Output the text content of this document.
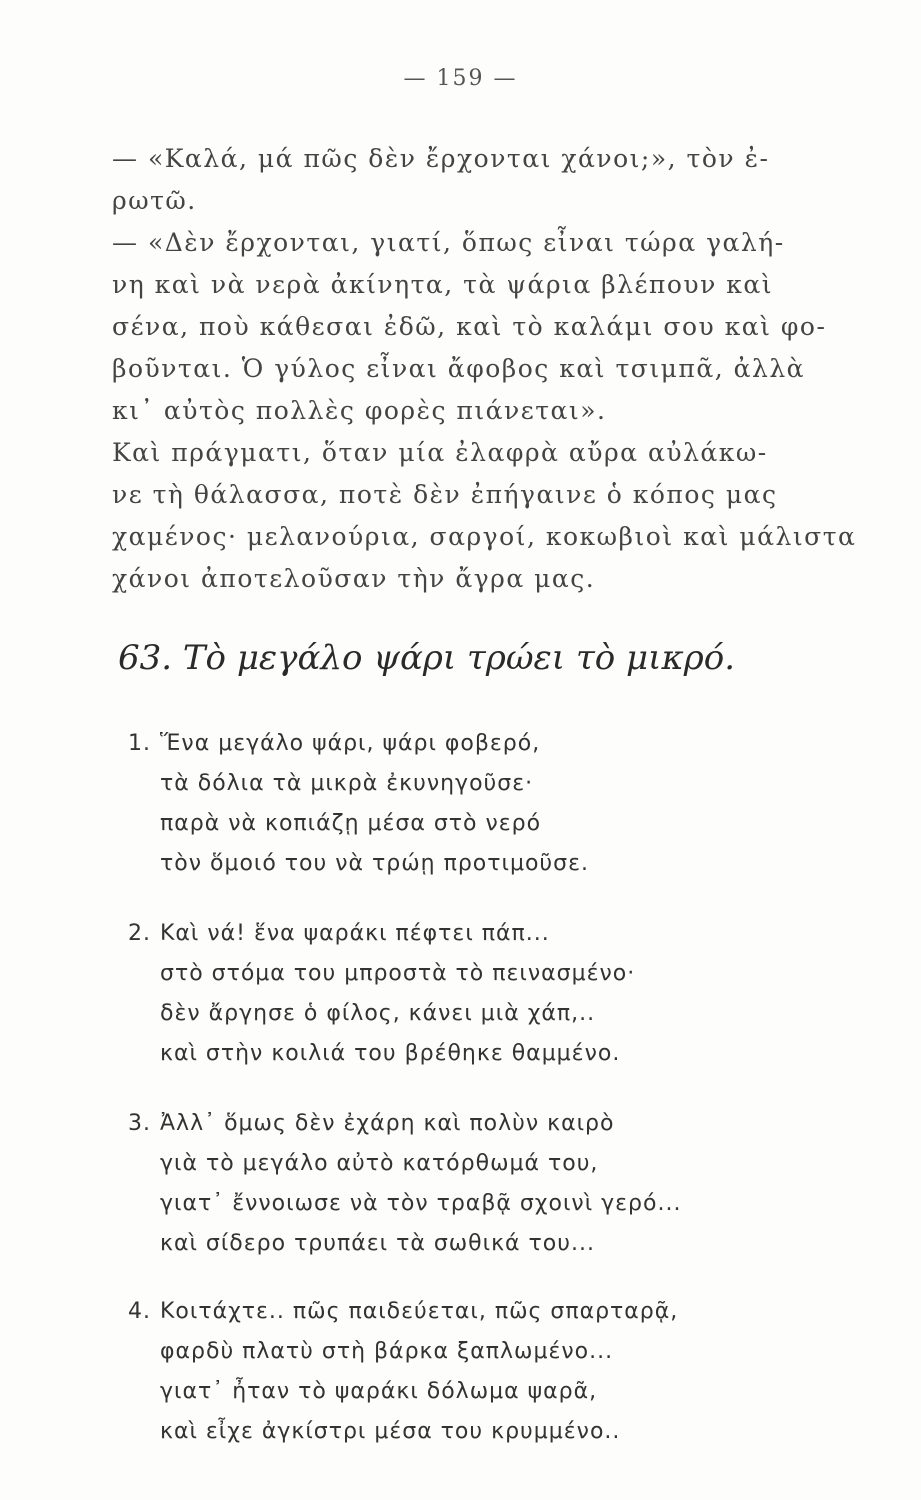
— 159 —
— «Καλά, μά πῶς δὲν ἔρχονται χάνοι;», τὸν ἐ-
ρωτῶ.
— «Δὲν ἔρχονται, γιατί, ὅπως εἶναι τώρα γαλή-
νη καὶ νὰ νερὰ ἀκίνητα, τὰ ψάρια βλέπουν καὶ
σένα, ποὺ κάθεσαι ἐδῶ, καὶ τὸ καλάμι σου καὶ φο-
βοῦνται. Ὁ γύλος εἶναι ἄφοβος καὶ τσιμπᾶ, ἀλλὰ
κι᾽ αὐτὸς πολλὲς φορὲς πιάνεται».
Καὶ πράγματι, ὅταν μία ἐλαφρὰ αὔρα αὐλάκω-
νε τὴ θάλασσα, ποτὲ δὲν ἐπήγαινε ὁ κόπος μας
χαμένος· μελανούρια, σαργοί, κοκωβιοὶ καὶ μάλιστα
χάνοι ἀποτελοῦσαν τὴν ἄγρα μας.
63. Τὸ μεγάλο ψάρι τρώει τὸ μικρό.
1. Ἕνα μεγάλο ψάρι, ψάρι φοβερό,
τὰ δόλια τὰ μικρὰ ἐκυνηγοῦσε·
παρὰ νὰ κοπιάζῃ μέσα στὸ νερό
τὸν ὅμοιό του νὰ τρώῃ προτιμοῦσε.
2. Καὶ νά! ἕνα ψαράκι πέφτει πάπ...
στὸ στόμα του μπροστὰ τὸ πεινασμένο·
δὲν ἄργησε ὁ φίλος, κάνει μιὰ χάπ,..
καὶ στὴν κοιλιά του βρέθηκε θαμμένο.
3. Ἀλλ᾽ ὅμως δὲν ἐχάρη καὶ πολὺν καιρὸ
γιὰ τὸ μεγάλο αὐτὸ κατόρθωμά του,
γιατ᾽ ἔννοιωσε νὰ τὸν τραβᾷ σχοινὶ γερό...
καὶ σίδερο τρυπάει τὰ σωθικά του...
4. Κοιτάχτε.. πῶς παιδεύεται, πῶς σπαρταρᾷ,
φαρδὺ πλατὺ στὴ βάρκα ξαπλωμένο...
γιατ᾽ ἦταν τὸ ψαράκι δόλωμα ψαρᾶ,
καὶ εἶχε ἀγκίστρι μέσα του κρυμμένο..
